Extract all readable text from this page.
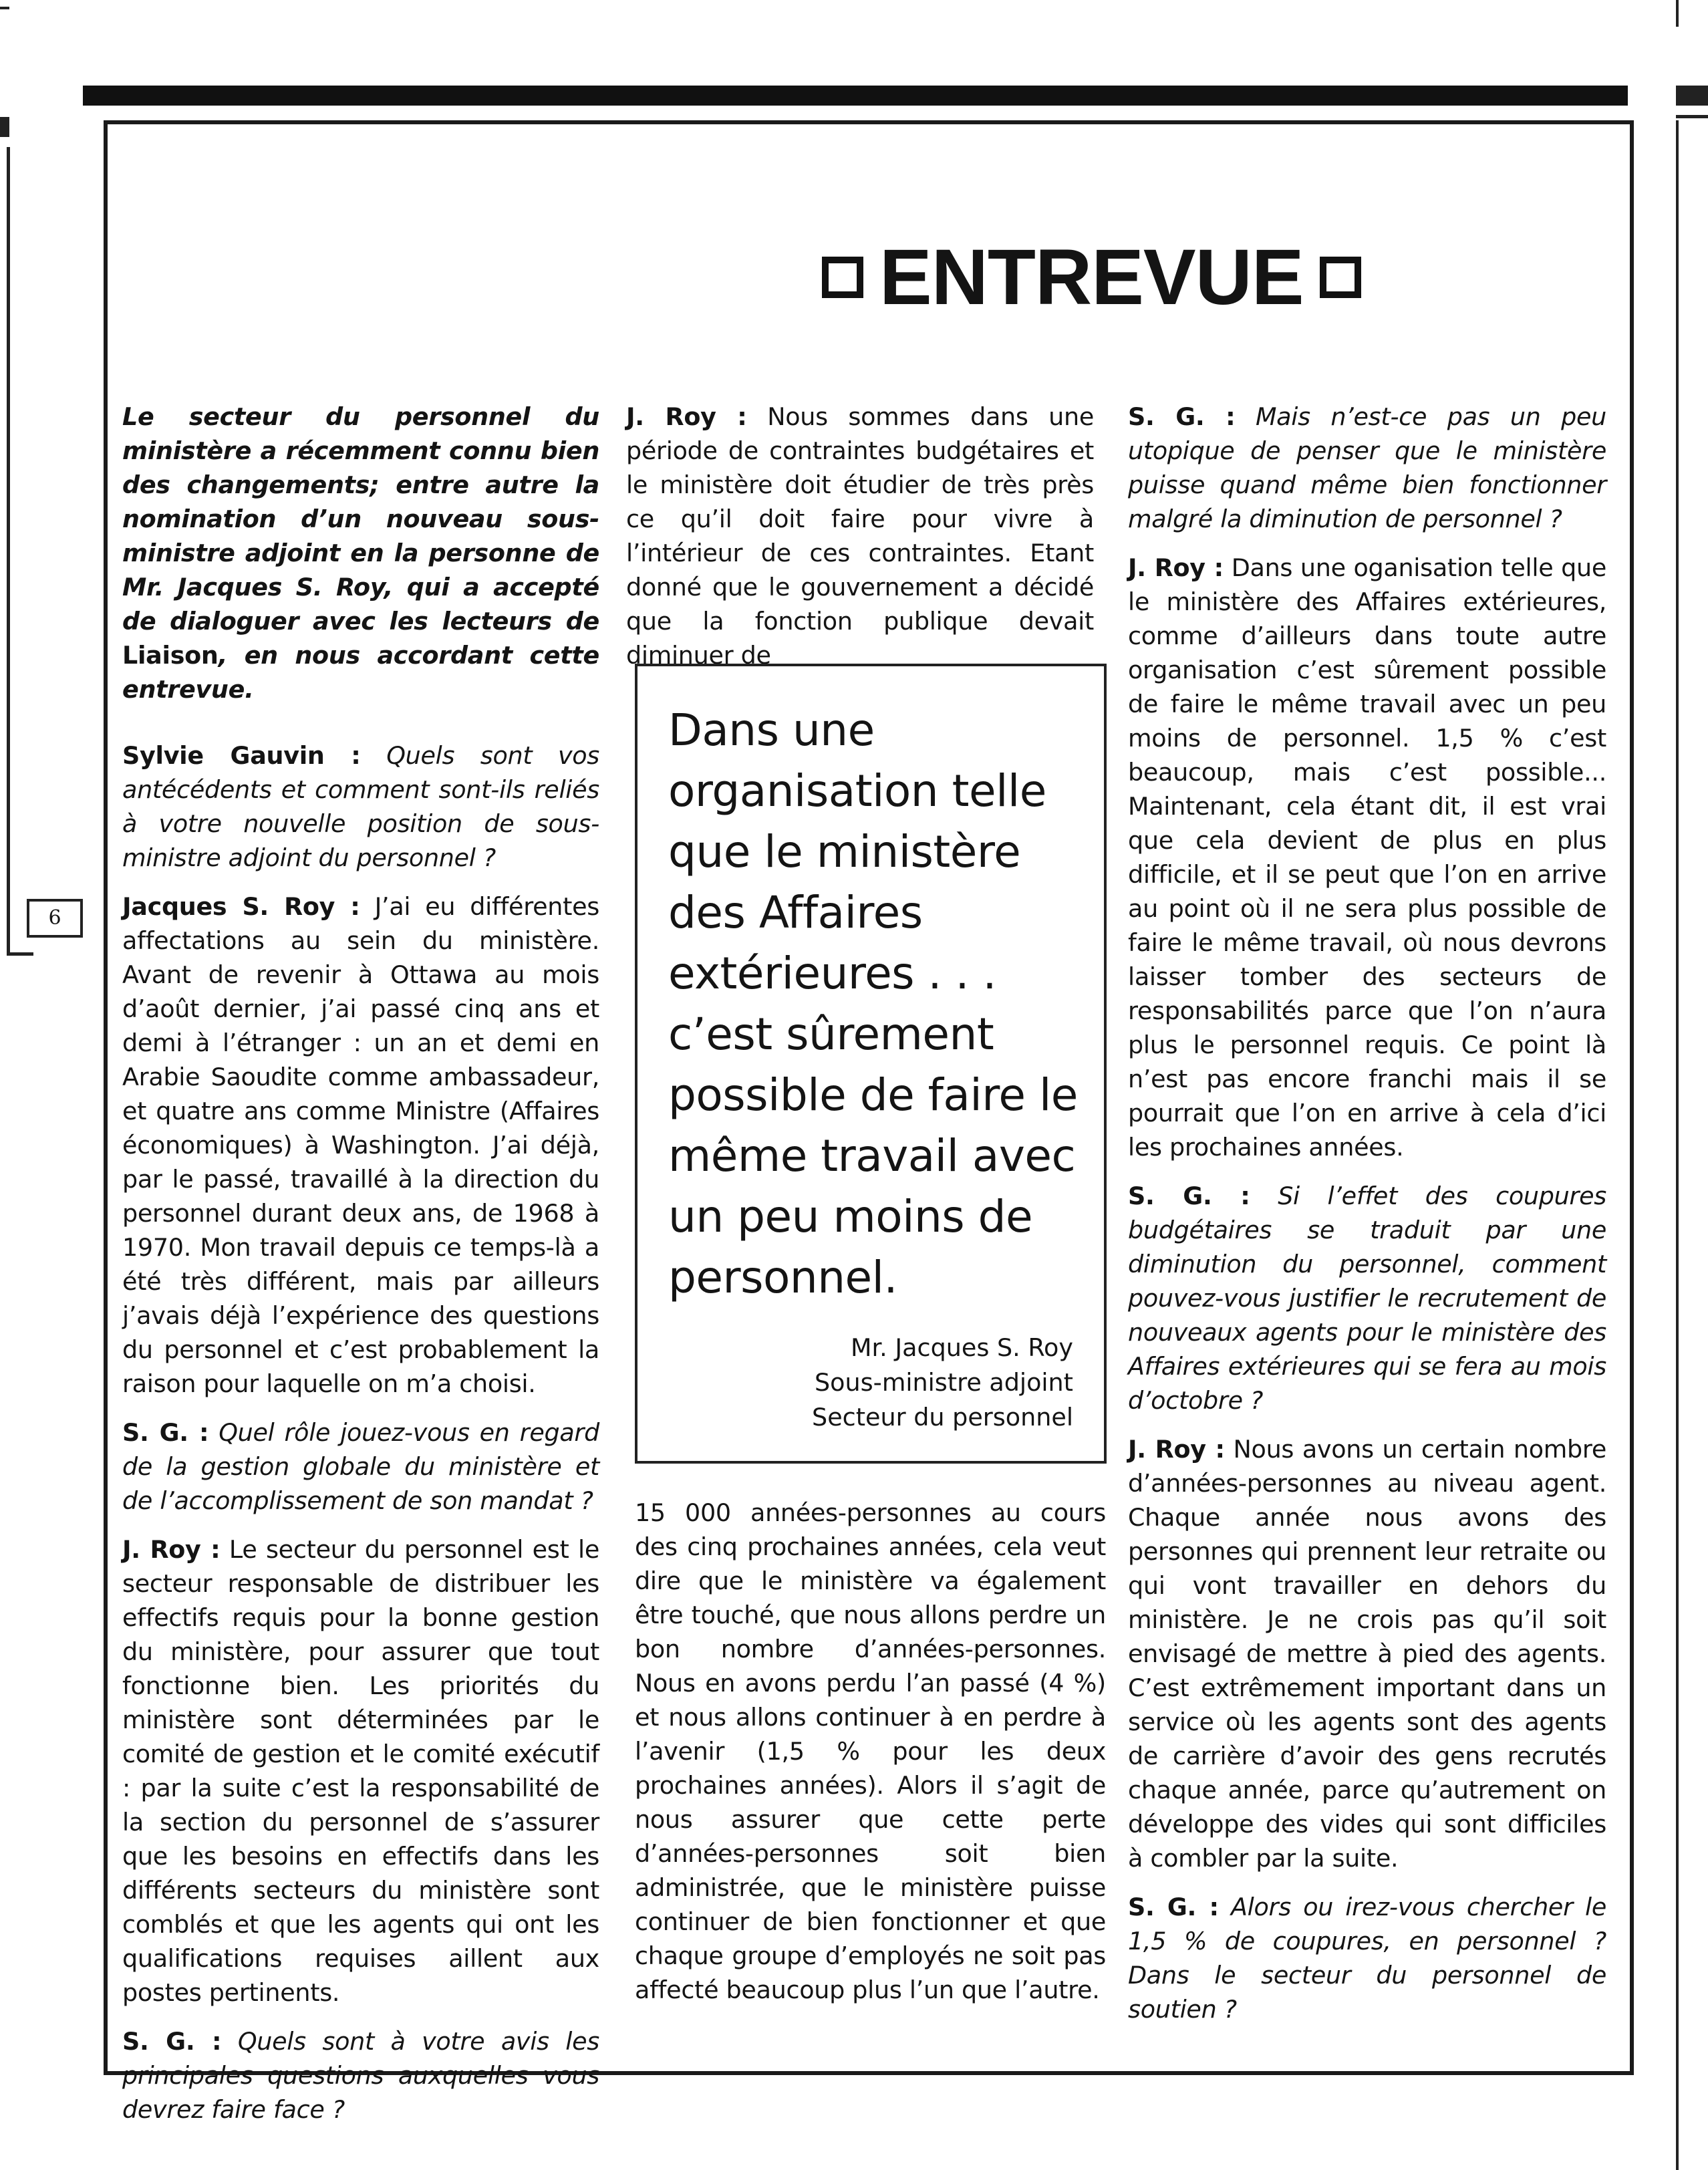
6
ENTREVUE

Le secteur du personnel du ministère a récemment connu bien des changements; entre autre la nomination d’un nouveau sous-ministre adjoint en la personne de Mr. Jacques S. Roy, qui a accepté de dialoguer avec les lecteurs de Liaison, en nous accordant cette entrevue.

Sylvie Gauvin : Quels sont vos antécédents et comment sont-ils reliés à votre nouvelle position de sous-ministre adjoint du personnel ?

Jacques S. Roy : J’ai eu différentes affectations au sein du ministère. Avant de revenir à Ottawa au mois d’août dernier, j’ai passé cinq ans et demi à l’étranger : un an et demi en Arabie Saoudite comme ambassadeur, et quatre ans comme Ministre (Affaires économiques) à Washington. J’ai déjà, par le passé, travaillé à la direction du personnel durant deux ans, de 1968 à 1970. Mon travail depuis ce temps-là a été très différent, mais par ailleurs j’avais déjà l’expérience des questions du personnel et c’est probablement la raison pour laquelle on m’a choisi.

S. G. : Quel rôle jouez-vous en regard de la gestion globale du ministère et de l’accomplissement de son mandat ?

J. Roy : Le secteur du personnel est le secteur responsable de distribuer les effectifs requis pour la bonne gestion du ministère, pour assurer que tout fonctionne bien. Les priorités du ministère sont déterminées par le comité de gestion et le comité exécutif : par la suite c’est la responsabilité de la section du personnel de s’assurer que les besoins en effectifs dans les différents secteurs du ministère sont comblés et que les agents qui ont les qualifications requises aillent aux postes pertinents.

S. G. : Quels sont à votre avis les principales questions auxquelles vous devrez faire face ?

J. Roy : Nous sommes dans une période de contraintes budgétaires et le ministère doit étudier de très près ce qu’il doit faire pour vivre à l’intérieur de ces contraintes. Etant donné que le gouvernement a décidé que la fonction publique devait diminuer de

Dans une organisation telle que le ministère des Affaires extérieures . . . c’est sûrement possible de faire le même travail avec un peu moins de personnel.

Mr. Jacques S. Roy
Sous-ministre adjoint
Secteur du personnel

15 000 années-personnes au cours des cinq prochaines années, cela veut dire que le ministère va également être touché, que nous allons perdre un bon nombre d’années-personnes. Nous en avons perdu l’an passé (4 %) et nous allons continuer à en perdre à l’avenir (1,5 % pour les deux prochaines années). Alors il s’agit de nous assurer que cette perte d’années-personnes soit bien administrée, que le ministère puisse continuer de bien fonctionner et que chaque groupe d’employés ne soit pas affecté beaucoup plus l’un que l’autre.

S. G. : Mais n’est-ce pas un peu utopique de penser que le ministère puisse quand même bien fonctionner malgré la diminution de personnel ?

J. Roy : Dans une oganisation telle que le ministère des Affaires extérieures, comme d’ailleurs dans toute autre organisation c’est sûrement possible de faire le même travail avec un peu moins de personnel. 1,5 % c’est beaucoup, mais c’est possible... Maintenant, cela étant dit, il est vrai que cela devient de plus en plus difficile, et il se peut que l’on en arrive au point où il ne sera plus possible de faire le même travail, où nous devrons laisser tomber des secteurs de responsabilités parce que l’on n’aura plus le personnel requis. Ce point là n’est pas encore franchi mais il se pourrait que l’on en arrive à cela d’ici les prochaines années.

S. G. : Si l’effet des coupures budgétaires se traduit par une diminution du personnel, comment pouvez-vous justifier le recrutement de nouveaux agents pour le ministère des Affaires extérieures qui se fera au mois d’octobre ?

J. Roy : Nous avons un certain nombre d’années-personnes au niveau agent. Chaque année nous avons des personnes qui prennent leur retraite ou qui vont travailler en dehors du ministère. Je ne crois pas qu’il soit envisagé de mettre à pied des agents. C’est extrêmement important dans un service où les agents sont des agents de carrière d’avoir des gens recrutés chaque année, parce qu’autrement on développe des vides qui sont difficiles à combler par la suite.

S. G. : Alors ou irez-vous chercher le 1,5 % de coupures, en personnel ? Dans le secteur du personnel de soutien ?
